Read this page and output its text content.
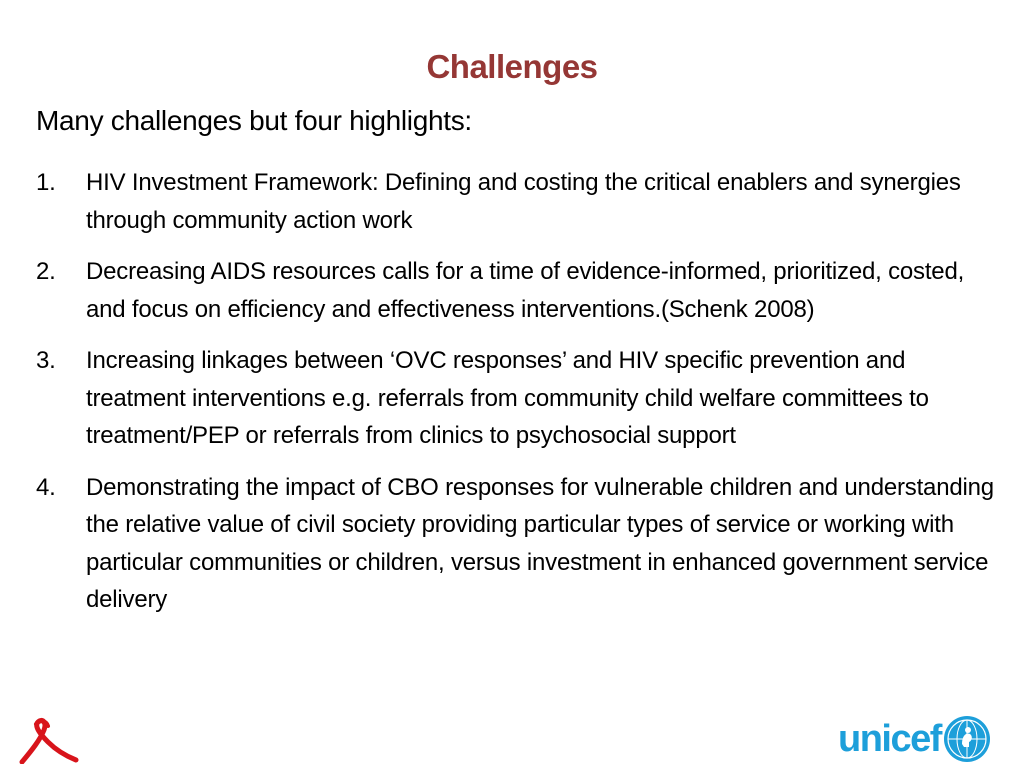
Challenges
Many challenges but four highlights:
1.	HIV Investment Framework: Defining and costing the critical enablers and synergies through community action work
2.	Decreasing AIDS resources calls for a time of evidence-informed, prioritized, costed, and focus on efficiency and effectiveness interventions.(Schenk 2008)
3.	Increasing linkages between ‘OVC responses’ and HIV specific prevention and treatment interventions e.g. referrals from community child welfare committees to treatment/PEP or referrals from clinics to psychosocial support
4.	Demonstrating the impact of CBO responses for vulnerable children and understanding the relative value of civil society providing particular types of service or working with particular communities or children, versus investment in enhanced government service delivery
unicef
